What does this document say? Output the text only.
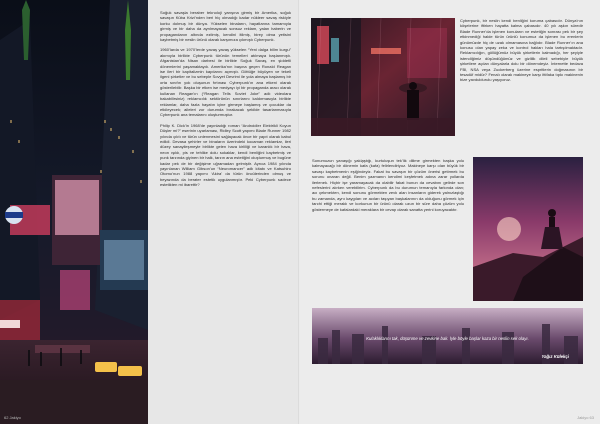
Soğuk savaşla beraber teknoloji yarışına girmiş bir Amerika, soğuk savaşın Küba Krizi’nden beri hiç olmadığı kadar nükleer savaş riskiyle korku dolmuş bir dünya. Yükselen binaların, hayatlarına tamamıyla girmiş ve bir daha da ayrılmayacak sonsuz reklam, yalan haberin ve propagandanın altında ezilmiş, kendini itilmiş, birey olma yetisini kaybetmiş bir neslin ürünü olarak karşımıza çıkmıştı Cyberpunk.

1960’larda ve 1970’lerde yavaş yavaş yükselen “Yeni dalga bilim kurgu” akımıyla birlikte Cyberpunk türünün temelleri atılmaya başlanmıştı. Afganistan’da Nisan darbesi ile birlikte Soğuk Savaş, en şiddetli dönemlerini yaşamaktaydı. Amerika’nın başına geçen Ronald Reagan ise ileri bir kapitalizmin kapılarını açmıştı. Göttüğe büyüyen ve tekeli ilgeni şirketler ve bu sebeple Sovyet Devrimi ile yola almaya başlamış bir orta sınıfın yok oluşunun fırtınası Cyberpunk’ın ana etkeni olarak gösterilebilir. Başka bir etken ise medyayı iyi bir propaganda aracı olarak kullanan Reagan’ın (“Reagan Tells Soviet Joke” adlı videolara bakabilirsiniz) reklamcılık sektörünün sınırlarını kaldırmasıyla birlikte reklamlar, daha fazla hayatın içine girmeye başlamış ve çocuklar da etkileyecek; aileleri zor durumda bırakacak şekilde tasarlanmasıyla Cyberpunk ana temalarını oluşturmuştur.

Philip K. Dick’in 1968’de yayınladığı roman “Androidler Elektrikli Koyun Düşler mi?” eserinin uyarlaması, Ridley Scott yapımı Blade Runner 1982 yılında çıktı ve türün unlenmesini sağlayacak önce bir yapıt olarak kabul edildi. Devasa şehirler ve binaların üzerindeki kocaman reklamlar, ileri düzey sanayileşmeyle birlikte gelen hava kirliliği ve karanlık bir hava, neon ışıklı, pis ve tehlike dolu sokaklar, kendi benliğini kaybetmiş ve punk tarzında giyinen bir halk, tarzın ana estetiğini oluşturmuş ve bugüne kadar pek de bir değişime uğramadan gelmiştir. Ayrıca 1984 yılında yayınlanan William Gibson’un “Neuromancer” adlı kitabı ve Katsuhiro Otomo’nun 1988 yapımı ‘Akira’ da türün öncülerinden olmuş ve beyazında da berater estetik uygulanmıştır. Peki Cyberpunk sadece estetikten mi ibarettir?

62 Jakiyo
Cyberpunk, bir neslin kendi benliğini koruma çabasıdır. Dünya’nın köşelerine iftirken hayatta kalma çabasıdır. 40 yılı aşkın süredir Blade Runner’da işlenen konuların ve estetiğin sonrası pek bir şey etkinmediği halde türün ürünlü konumuz da işlenen bu erenlerin günümüzde hiç de uzak olmamasına bağlıdır. Blade Runner’ın ana konusu olan yapay zeka ve kontrol hakları hala tartışılmaktadır. Reklamcılığın, göllüğümüz büyük şirketlerin kalmadığı, her şeyiyle istendiğimiz düşündüğümüz ve gizlilik dileli sebebiyle büyük şirketlere açılan dünyalarla dolu bir dönemdeyiz. İnternette bedava FBI, NSA veya Zuckerberg üzerine espritlerin doğmasının bir tesadüf midür? Fenalı olarak makineye karşı ittifaka tıpkı makinenin bize yavduldurulu yaşıyoruz.
Sonumuzun yanaşığı yakla̧ştığı, kurtuluşun tek’lik dilime girmekten başka yolu kalmayacağı bir dönemin kafa (kafa) felirlendiriyoz. Makineye karşı olan büyük bir savaşı kaybetmenin eşiğindeyiz. Fakat bu savaşın bir çözüm önerisi getirmek bu sorunu onaran değil. Benim yazmanın kendimi keşfetmek adına zarar yollarda ilerlenek. Hiçbir işe yaramayacak da olabilir fakat bunun da cevabını gelirde son nefeslerini alırken verebilirim. Cyberpunk da bu durumun temanıyla farkında olan; acı çekmekten, kendi sonunu görmekten zevk alan insanların giderek yalnızlaştığı bu zamanda, aynı kaygıları ve acıları taşıyan başkalarının da olduğunu görmek için tarchi ettiği meraklı ve korkunun bir ürünü olarak uzun bir süre daha çözüm yolu göstermeye de kafalardaki meraklara bir cevap olarak sanatta yerini koruyacaktır.
Kulaklıklarını tak, düşünme ve zevkine bak. İyle böyle başlar kaza bir neslin sek olayı.
Yağız Külekçi
Jakiyo 63
